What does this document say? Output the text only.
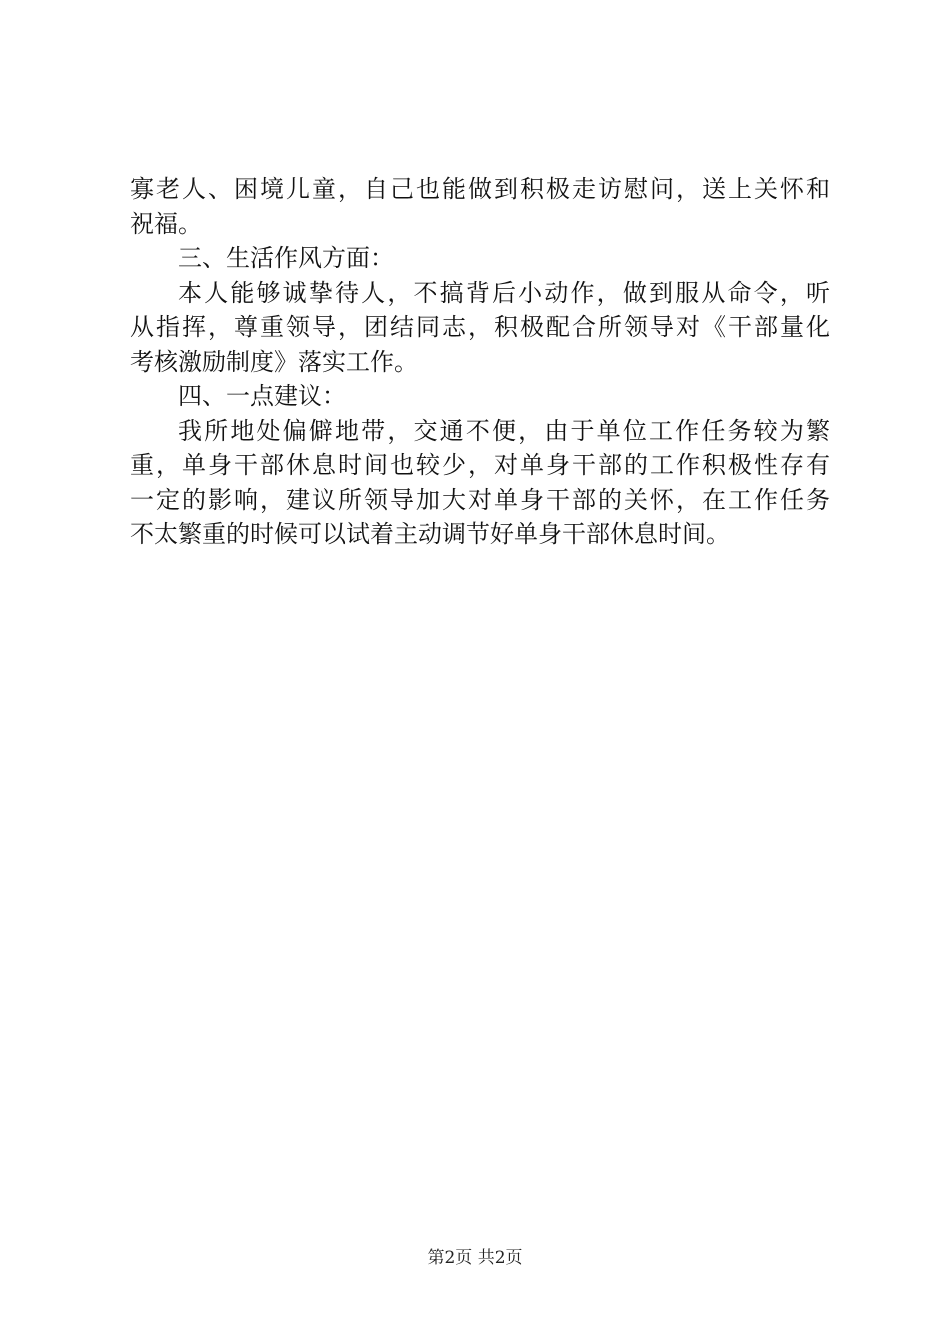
寡老人、困境儿童，自己也能做到积极走访慰问，送上关怀和
祝福。
三、生活作风方面：
本人能够诚挚待人，不搞背后小动作，做到服从命令，听
从指挥，尊重领导，团结同志，积极配合所领导对《干部量化
考核激励制度》落实工作。
四、一点建议：
我所地处偏僻地带，交通不便，由于单位工作任务较为繁
重，单身干部休息时间也较少，对单身干部的工作积极性存有
一定的影响，建议所领导加大对单身干部的关怀，在工作任务
不太繁重的时候可以试着主动调节好单身干部休息时间。
第2页 共2页
